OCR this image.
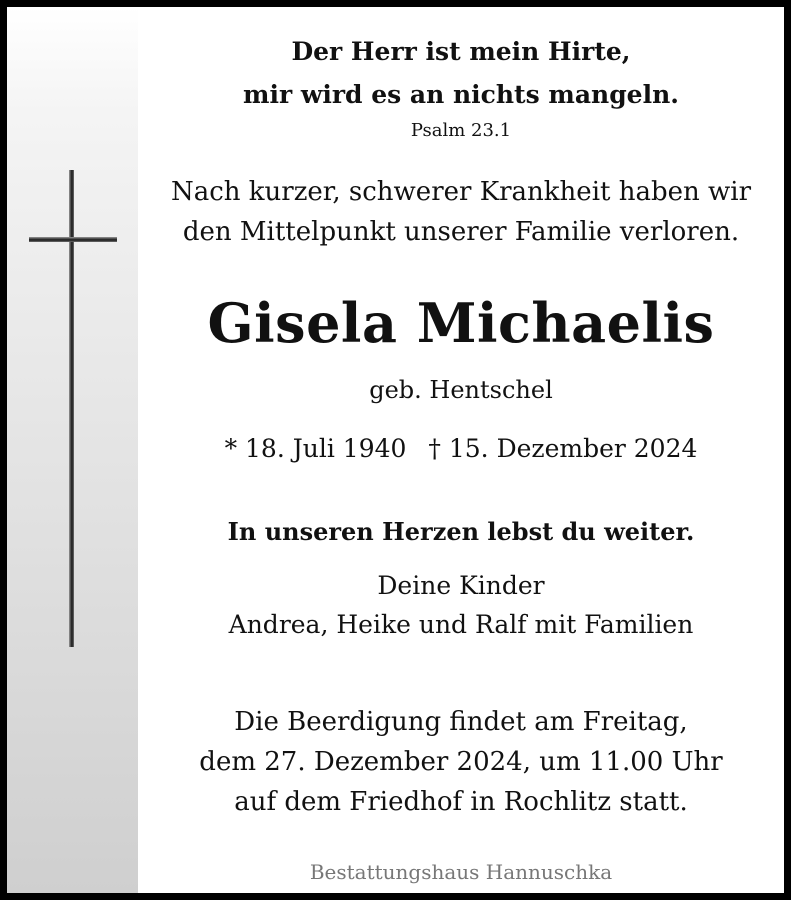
Der Herr ist mein Hirte,
mir wird es an nichts mangeln.
Psalm 23.1
Nach kurzer, schwerer Krankheit haben wir
den Mittelpunkt unserer Familie verloren.
Gisela Michaelis
geb. Hentschel
* 18. Juli 1940 † 15. Dezember 2024
In unseren Herzen lebst du weiter.
Deine Kinder
Andrea, Heike und Ralf mit Familien
Die Beerdigung findet am Freitag,
dem 27. Dezember 2024, um 11.00 Uhr
auf dem Friedhof in Rochlitz statt.
Bestattungshaus Hannuschka
